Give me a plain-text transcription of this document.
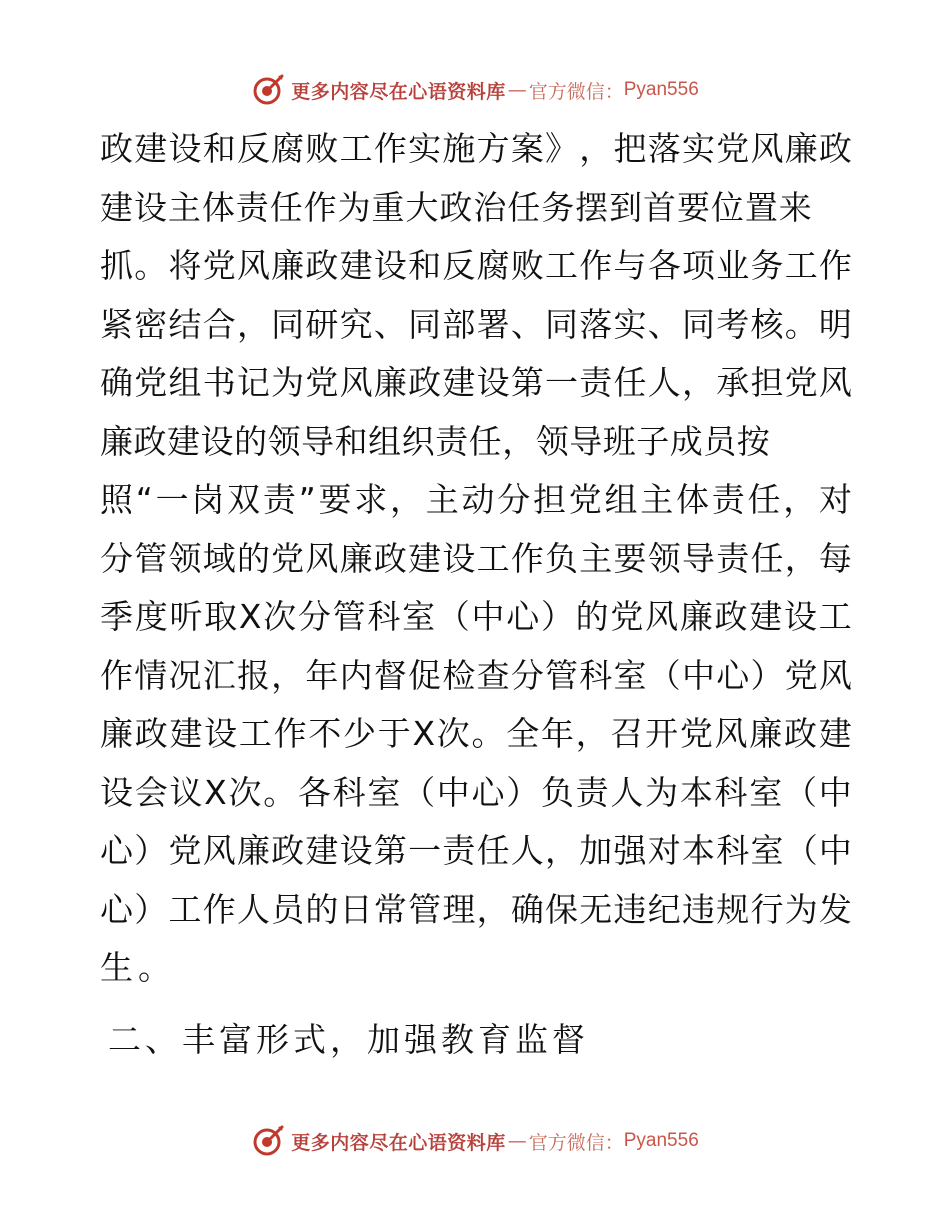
更多内容尽在心语资料库 — 官方微信： Pyan556
政 建 设 和 反 腐 败 工 作 实 施 方 案 》 ， 把 落 实 党 风 廉 政
建 设 主 体 责 任 作 为 重 大 政 治 任 务 摆 到 首 要 位 置 来
抓 。 将 党 风 廉 政 建 设 和 反 腐 败 工 作 与 各 项 业 务 工 作
紧 密 结 合 ， 同 研 究 、 同 部 署 、 同 落 实 、 同 考 核 。 明
确 党 组 书 记 为 党 风 廉 政 建 设 第 一 责 任 人 ， 承 担 党 风
廉 政 建 设 的 领 导 和 组 织 责 任 ， 领 导 班 子 成 员 按
照 “ 一 岗 双 责 ” 要 求 ， 主 动 分 担 党 组 主 体 责 任 ， 对
分 管 领 域 的 党 风 廉 政 建 设 工 作 负 主 要 领 导 责 任 ， 每
季 度 听 取 X 次 分 管 科 室 （ 中 心 ） 的 党 风 廉 政 建 设 工
作 情 况 汇 报 ， 年 内 督 促 检 查 分 管 科 室 （ 中 心 ） 党 风
廉 政 建 设 工 作 不 少 于 X 次 。 全 年 ， 召 开 党 风 廉 政 建
设 会 议 X 次 。 各 科 室 （ 中 心 ） 负 责 人 为 本 科 室 （ 中
心 ） 党 风 廉 政 建 设 第 一 责 任 人 ， 加 强 对 本 科 室 （ 中
心 ） 工 作 人 员 的 日 常 管 理 ， 确 保 无 违 纪 违 规 行 为 发
生。
二、丰富形式，加强教育监督
更多内容尽在心语资料库 — 官方微信： Pyan556
